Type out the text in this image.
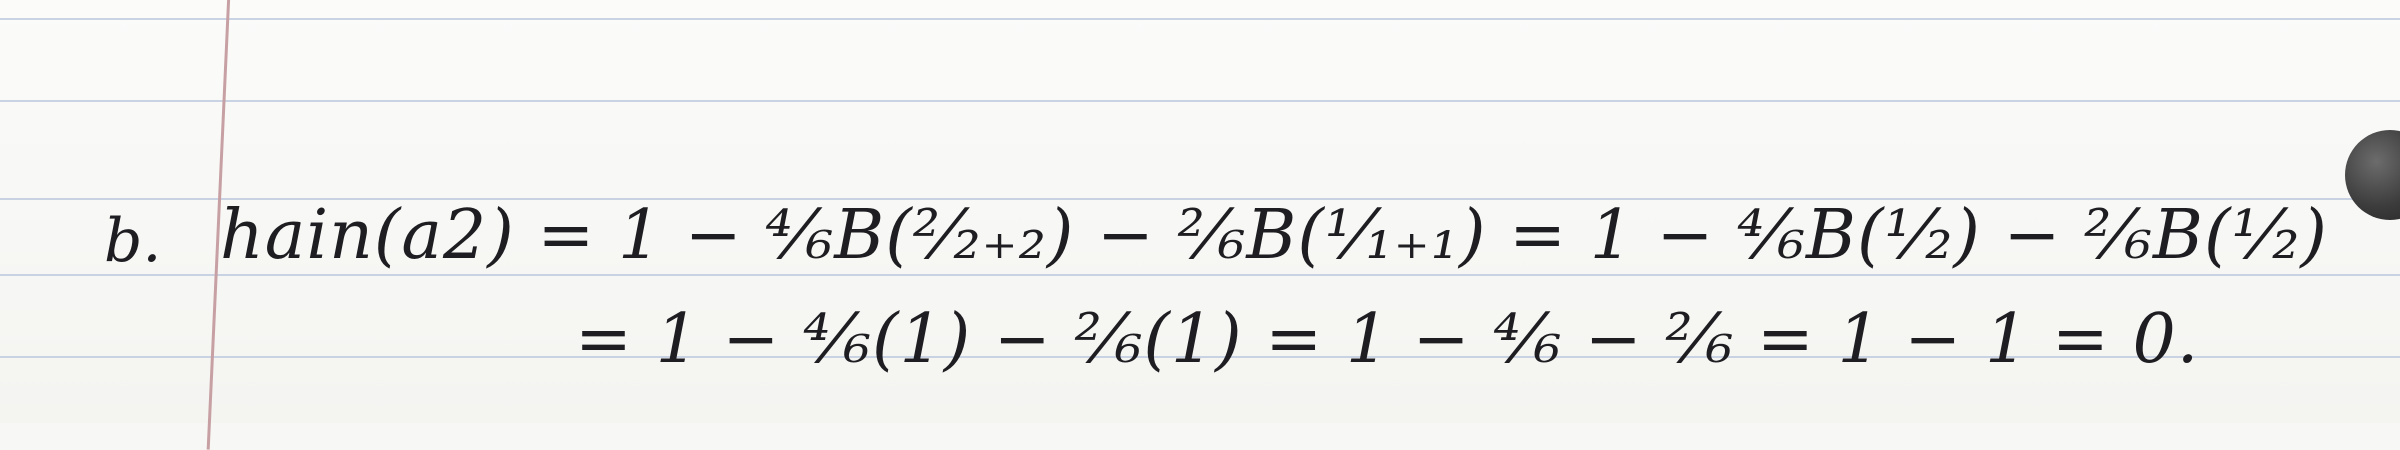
b. hain(a2) = 1 − ⁴⁄₆B(²⁄₂₊₂) − ²⁄₆B(¹⁄₁₊₁) = 1 − ⁴⁄₆B(¹⁄₂) − ²⁄₆B(¹⁄₂)
= 1 − ⁴⁄₆(1) − ²⁄₆(1) = 1 − ⁴⁄₆ − ²⁄₆ = 1 − 1 = 0.
